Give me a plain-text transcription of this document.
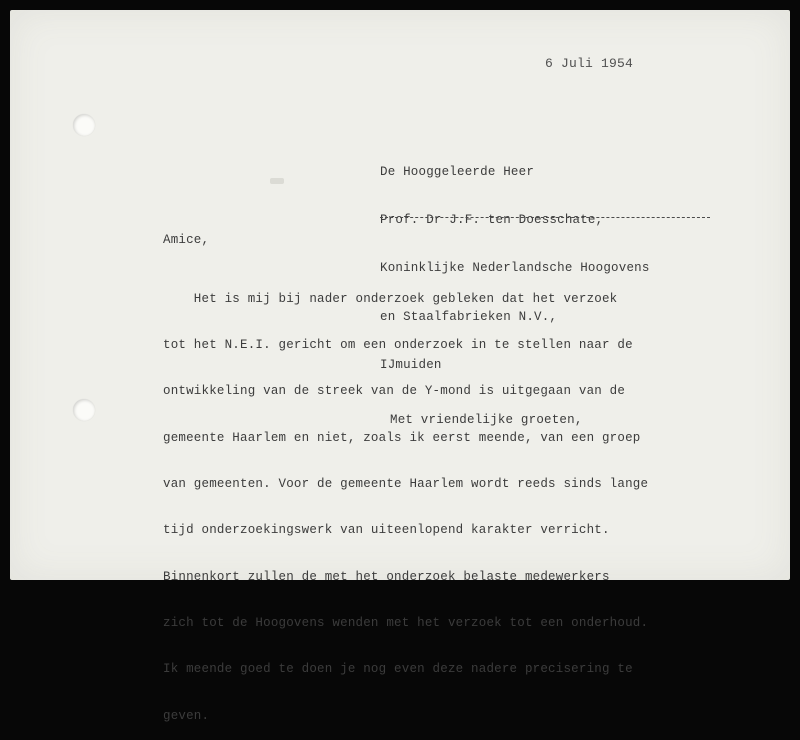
6 Juli 1954

De Hooggeleerde Heer

Prof. Dr J.F. ten Doesschate,

Koninklijke Nederlandsche Hoogovens

en Staalfabrieken N.V.,

IJmuiden

Amice,

Het is mij bij nader onderzoek gebleken dat het verzoek

tot het N.E.I. gericht om een onderzoek in te stellen naar de

ontwikkeling van de streek van de Y-mond is uitgegaan van de

gemeente Haarlem en niet, zoals ik eerst meende, van een groep

van gemeenten. Voor de gemeente Haarlem wordt reeds sinds lange

tijd onderzoekingswerk van uiteenlopend karakter verricht.

Binnenkort zullen de met het onderzoek belaste medewerkers

zich tot de Hoogovens wenden met het verzoek tot een onderhoud.

Ik meende goed te doen je nog even deze nadere precisering te

geven.

Met vriendelijke groeten,
